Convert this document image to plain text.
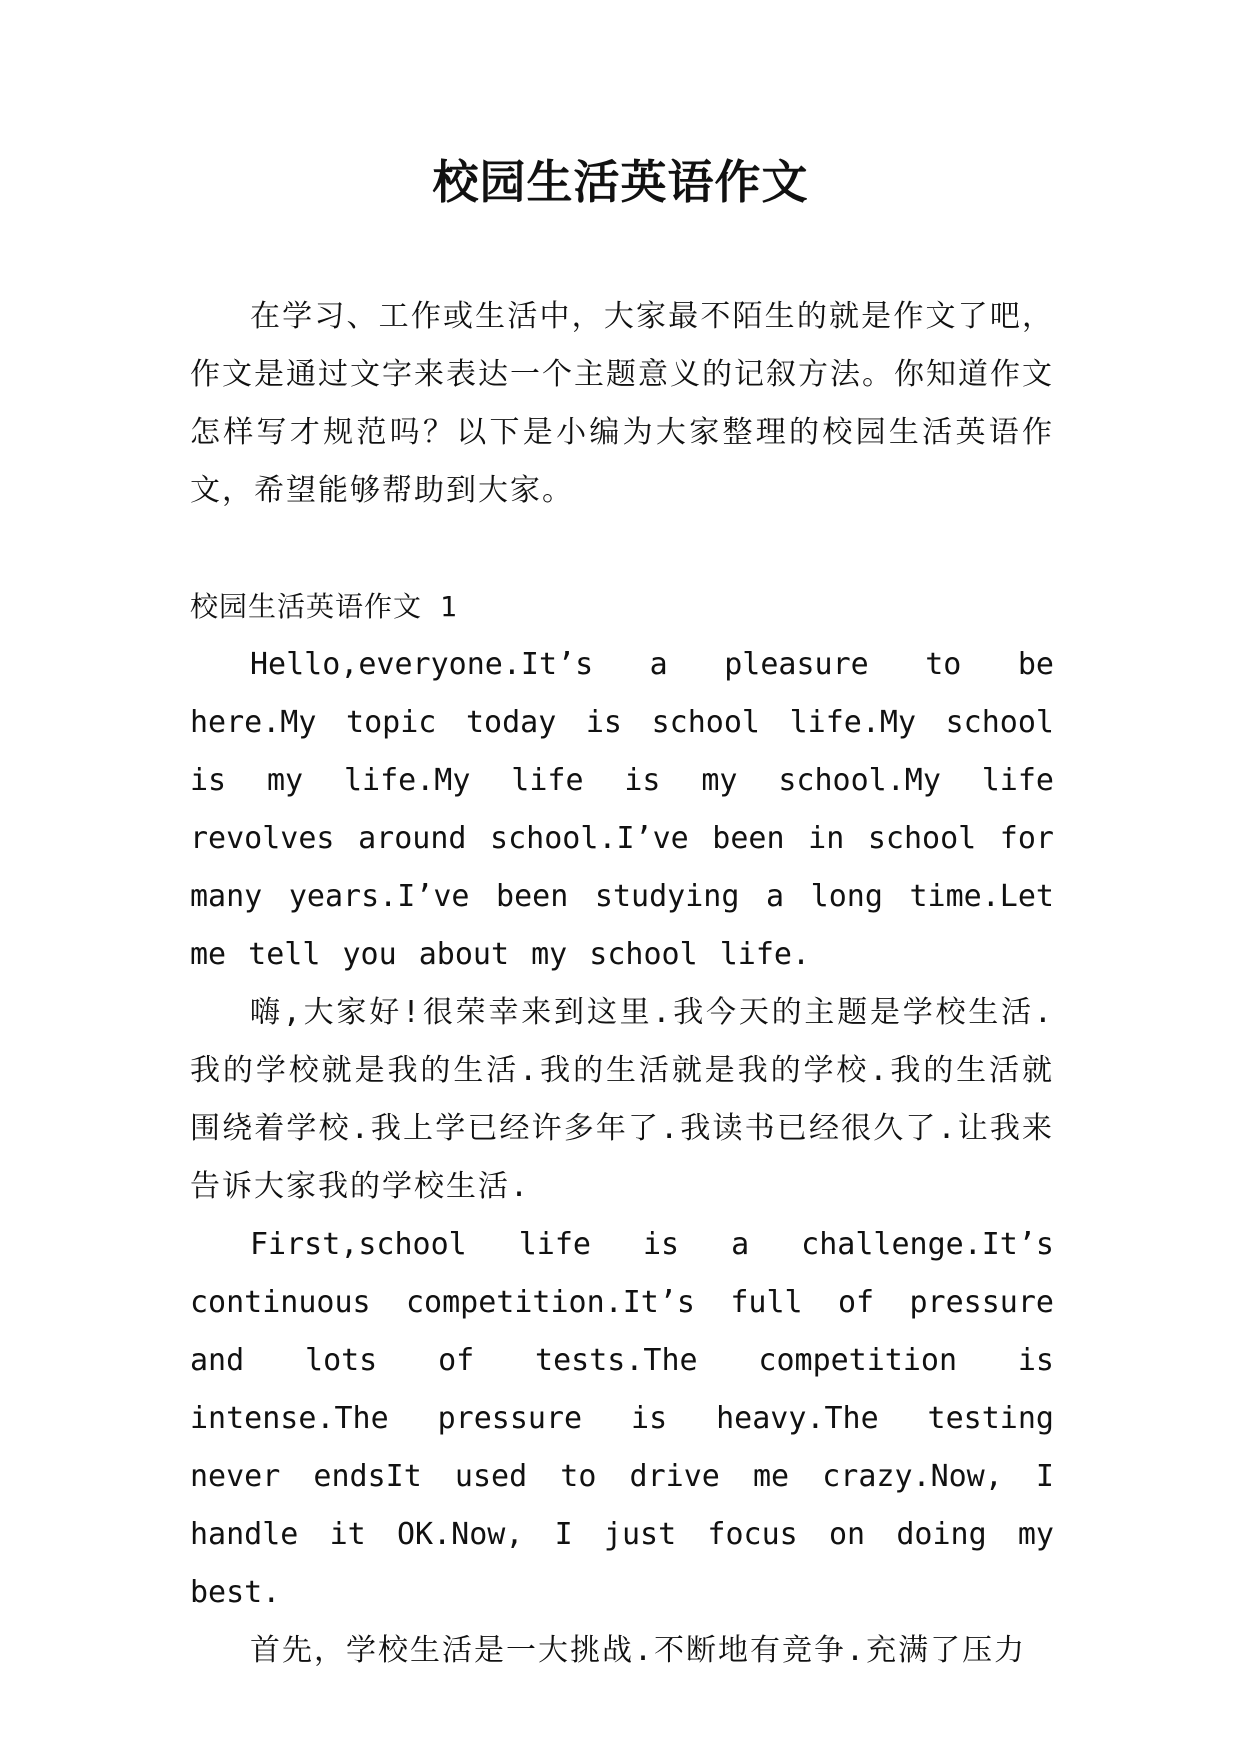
校园生活英语作文

在学习、工作或生活中，大家最不陌生的就是作文了吧，作文是通过文字来表达一个主题意义的记叙方法。你知道作文怎样写才规范吗？以下是小编为大家整理的校园生活英语作文，希望能够帮助到大家。

校园生活英语作文 1

Hello,everyone.It’s a pleasure to be here.My topic today is school life.My school is my life.My life is my school.My life revolves around school.I’ve been in school for many years.I’ve been studying a long time.Let me tell you about my school life.

嗨,大家好!很荣幸来到这里.我今天的主题是学校生活.我的学校就是我的生活.我的生活就是我的学校.我的生活就围绕着学校.我上学已经许多年了.我读书已经很久了.让我来告诉大家我的学校生活.

First,school life is a challenge.It’s continuous competition.It’s full of pressure and lots of tests.The competition is intense.The pressure is heavy.The testing never endsIt used to drive me crazy.Now, I handle it OK.Now, I just focus on doing my best.

首先，学校生活是一大挑战.不断地有竞争.充满了压力
